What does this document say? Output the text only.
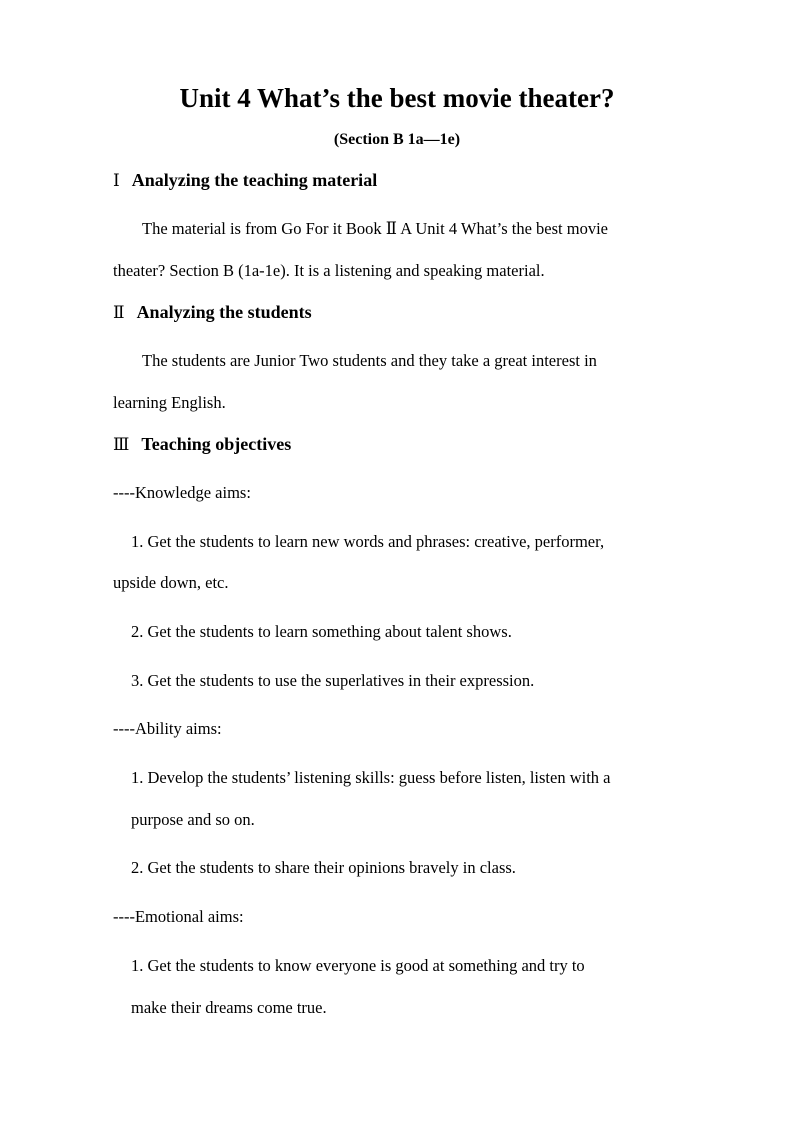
Unit 4 What’s the best movie theater?
(Section B 1a—1e)
Ⅰ Analyzing the teaching material
The material is from Go For it Book Ⅱ A Unit 4 What’s the best movie
theater? Section B (1a-1e). It is a listening and speaking material.
Ⅱ Analyzing the students
The students are Junior Two students and they take a great interest in
learning English.
Ⅲ Teaching objectives
----Knowledge aims:
1. Get the students to learn new words and phrases: creative, performer,
upside down, etc.
2. Get the students to learn something about talent shows.
3. Get the students to use the superlatives in their expression.
----Ability aims:
1. Develop the students’ listening skills: guess before listen, listen with a
purpose and so on.
2. Get the students to share their opinions bravely in class.
----Emotional aims:
1. Get the students to know everyone is good at something and try to
make their dreams come true.
